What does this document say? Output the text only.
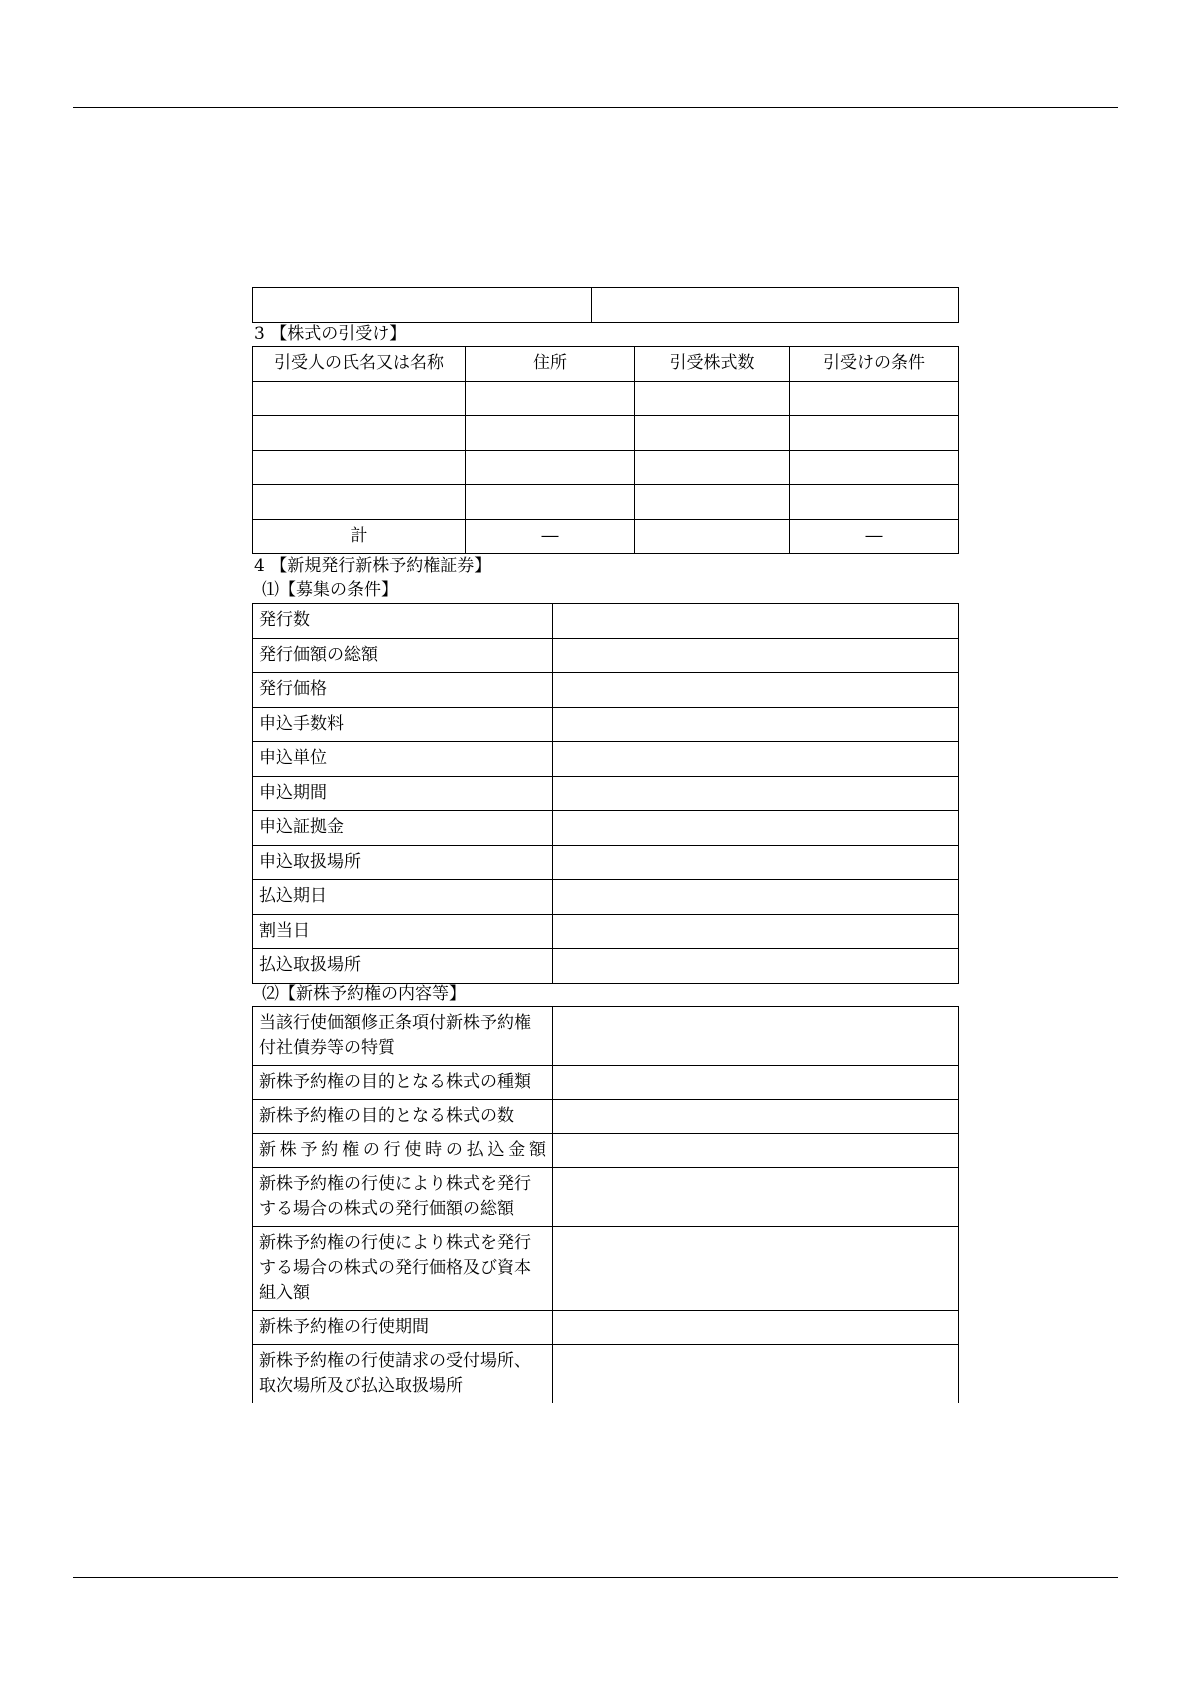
3 【株式の引受け】
引受人の氏名又は名称	住所	引受株式数	引受けの条件

計	―		―
4 【新規発行新株予約権証券】
⑴【募集の条件】
発行数	

発行価額の総額	

発行価格	

申込手数料	

申込単位	

申込期間	

申込証拠金	

申込取扱場所	

払込期日	

割当日	

払込取扱場所	

⑵【新株予約権の内容等】
当該行使価額修正条項付新株予約権
付社債券等の特質	

新株予約権の目的となる株式の種類	

新株予約権の目的となる株式の数	

新株予約権の行使時の払込金額	

新株予約権の行使により株式を発行
する場合の株式の発行価額の総額	

新株予約権の行使により株式を発行
する場合の株式の発行価格及び資本
組入額	

新株予約権の行使期間	

新株予約権の行使請求の受付場所、
取次場所及び払込取扱場所	
